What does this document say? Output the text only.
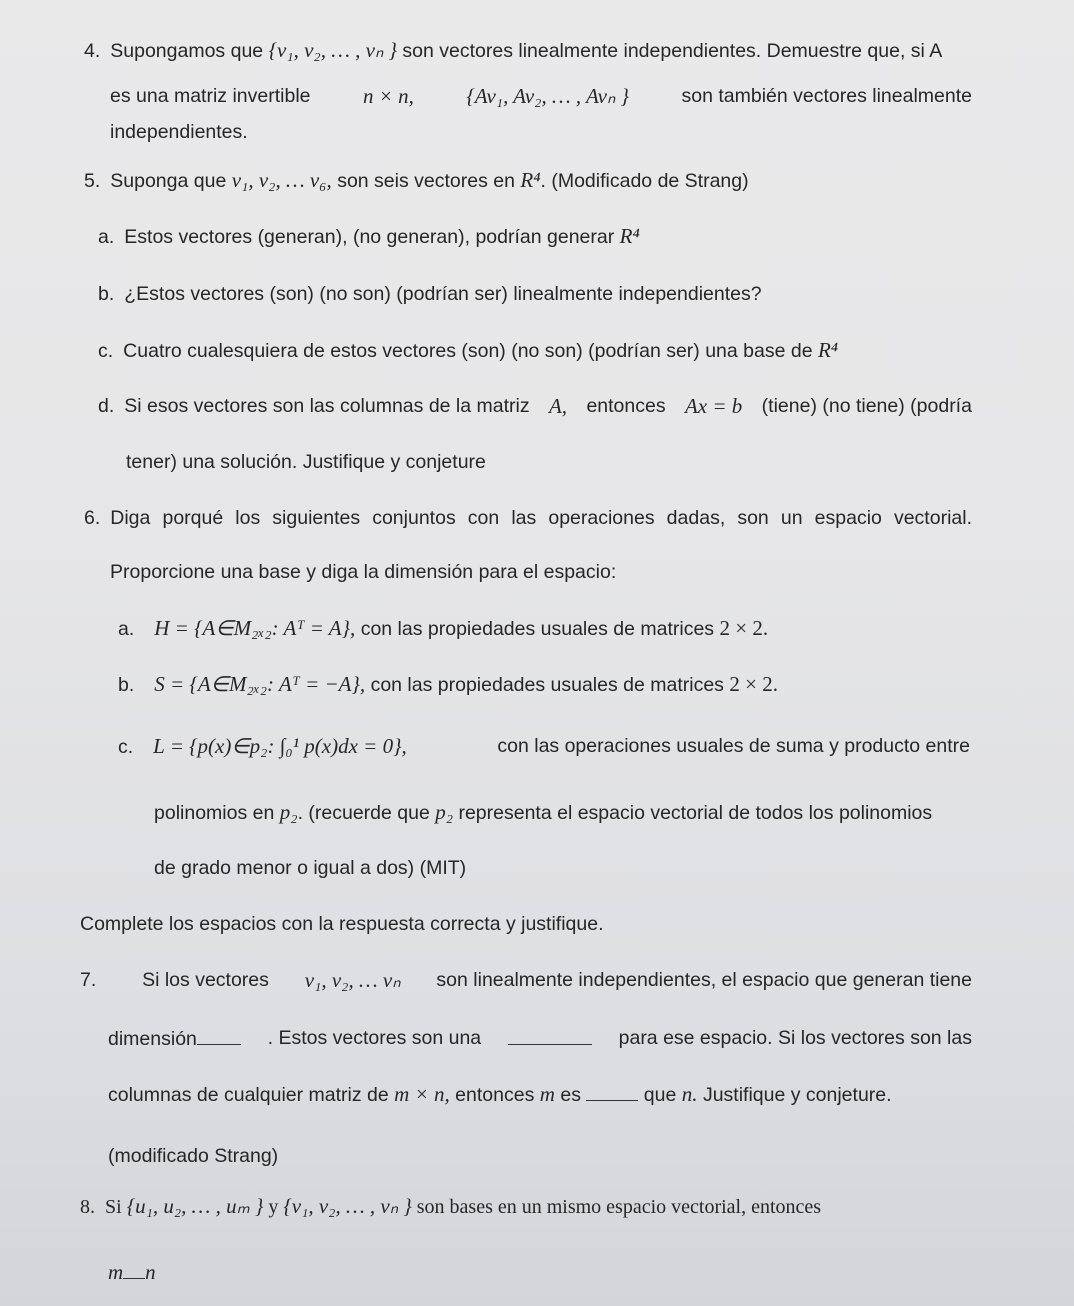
4. Supongamos que {v₁, v₂, … , vₙ } son vectores linealmente independientes. Demuestre que, si A
es una matriz invertible n × n, {Av₁, Av₂, … , Avₙ }	son también vectores linealmente
independientes.
5. Suponga que v₁, v₂, … v₆, son seis vectores en R⁴. (Modificado de Strang)
a. Estos vectores (generan), (no generan), podrían generar R⁴
b. ¿Estos vectores (son) (no son) (podrían ser) linealmente independientes?
c. Cuatro cualesquiera de estos vectores (son) (no son) (podrían ser) una base de R⁴
d. Si esos vectores son las columnas de la matriz A, entonces Ax = b (tiene) (no tiene) (podría
tener) una solución. Justifique y conjeture
6. Diga porqué los siguientes conjuntos con las operaciones dadas, son un espacio vectorial.
Proporcione una base y diga la dimensión para el espacio:
a. H = {A∈M₂ₓ₂: Aᵀ = A}, con las propiedades usuales de matrices 2 × 2.
b. S = {A∈M₂ₓ₂: Aᵀ = −A}, con las propiedades usuales de matrices 2 × 2.
c. L = {p(x)∈p₂: ∫₀¹ p(x)dx = 0},	con las operaciones usuales de suma y producto entre
polinomios en p₂. (recuerde que p₂ representa el espacio vectorial de todos los polinomios
de grado menor o igual a dos) (MIT)
Complete los espacios con la respuesta correcta y justifique.
7. Si los vectores v₁, v₂, … vₙ son linealmente independientes, el espacio que generan tiene
dimensión	. Estos vectores son una	para ese espacio. Si los vectores son las
columnas de cualquier matriz de m × n, entonces m es	que n. Justifique y conjeture.
(modificado Strang)
8. Si {u₁, u₂, … , uₘ } y {v₁, v₂, … , vₙ } son bases en un mismo espacio vectorial, entonces
m n
